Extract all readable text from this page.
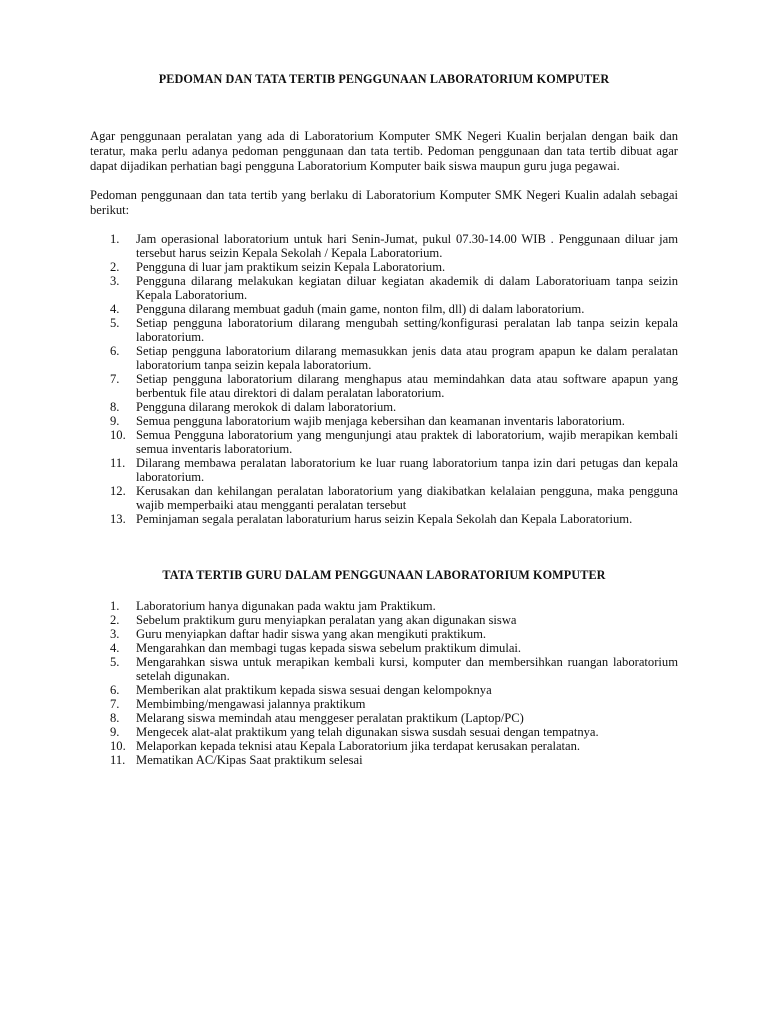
PEDOMAN DAN TATA TERTIB PENGGUNAAN LABORATORIUM KOMPUTER

Agar penggunaan peralatan yang ada di Laboratorium Komputer SMK Negeri Kualin berjalan dengan baik dan teratur, maka perlu adanya pedoman penggunaan dan tata tertib. Pedoman penggunaan dan tata tertib dibuat agar dapat dijadikan perhatian bagi pengguna Laboratorium Komputer baik siswa maupun guru juga pegawai.

Pedoman penggunaan dan tata tertib yang berlaku di Laboratorium Komputer SMK Negeri Kualin adalah sebagai berikut:

1.	Jam operasional laboratorium untuk hari Senin-Jumat, pukul 07.30-14.00 WIB . Penggunaan diluar jam tersebut harus seizin Kepala Sekolah / Kepala Laboratorium.
2.	Pengguna di luar jam praktikum seizin Kepala Laboratorium.
3.	Pengguna dilarang melakukan kegiatan diluar kegiatan akademik di dalam Laboratoriuam tanpa seizin Kepala Laboratorium.
4.	Pengguna dilarang membuat gaduh (main game, nonton film, dll) di dalam laboratorium.
5.	Setiap pengguna laboratorium dilarang mengubah setting/konfigurasi peralatan lab tanpa seizin kepala laboratorium.
6.	Setiap pengguna laboratorium dilarang memasukkan jenis data atau program apapun ke dalam peralatan laboratorium tanpa seizin kepala laboratorium.
7.	Setiap pengguna laboratorium dilarang menghapus atau memindahkan data atau software apapun yang berbentuk file atau direktori di dalam peralatan laboratorium.
8.	Pengguna dilarang merokok di dalam laboratorium.
9.	Semua pengguna laboratorium wajib menjaga kebersihan dan keamanan inventaris laboratorium.
10. Semua Pengguna laboratorium yang mengunjungi atau praktek di laboratorium, wajib merapikan kembali semua inventaris laboratorium.
11. Dilarang membawa peralatan laboratorium ke luar ruang laboratorium tanpa izin dari petugas dan kepala laboratorium.
12. Kerusakan dan kehilangan peralatan laboratorium yang diakibatkan kelalaian pengguna, maka pengguna wajib memperbaiki atau mengganti peralatan tersebut
13. Peminjaman segala peralatan laboraturium harus seizin Kepala Sekolah dan Kepala Laboratorium.
TATA TERTIB GURU DALAM PENGGUNAAN LABORATORIUM KOMPUTER
1.	Laboratorium hanya digunakan pada waktu jam Praktikum.
2.	Sebelum praktikum guru menyiapkan peralatan yang akan digunakan siswa
3.	Guru menyiapkan daftar hadir siswa yang akan mengikuti praktikum.
4.	Mengarahkan dan membagi tugas kepada siswa sebelum praktikum dimulai.
5.	Mengarahkan siswa untuk merapikan kembali kursi, komputer dan membersihkan ruangan laboratorium setelah digunakan.
6.	Memberikan alat praktikum kepada siswa sesuai dengan kelompoknya
7.	Membimbing/mengawasi jalannya praktikum
8.	Melarang siswa memindah atau menggeser peralatan praktikum (Laptop/PC)
9.	Mengecek alat-alat praktikum yang telah digunakan siswa susdah sesuai dengan tempatnya.
10. Melaporkan kepada teknisi atau Kepala Laboratorium jika terdapat kerusakan peralatan.
11. Mematikan AC/Kipas Saat praktikum selesai
